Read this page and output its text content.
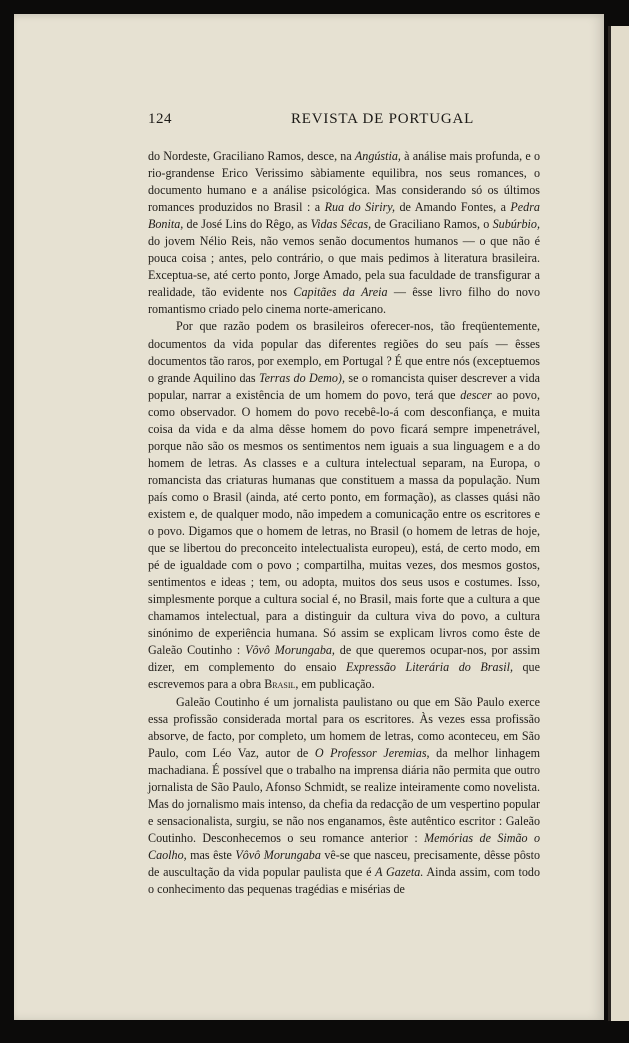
124	REVISTA DE PORTUGAL

do Nordeste, Graciliano Ramos, desce, na Angústia, à análise mais profunda, e o rio-grandense Erico Verissimo sàbiamente equilibra, nos seus romances, o documento humano e a análise psicológica. Mas considerando só os últimos romances produzidos no Brasil : a Rua do Siriry, de Amando Fontes, a Pedra Bonita, de José Lins do Rêgo, as Vidas Sêcas, de Graciliano Ramos, o Subúrbio, do jovem Nélio Reis, não vemos senão documentos humanos — o que não é pouca coisa ; antes, pelo contrário, o que mais pedimos à literatura brasileira. Exceptua-se, até certo ponto, Jorge Amado, pela sua faculdade de transfigurar a realidade, tão evidente nos Capitães da Areia — êsse livro filho do novo romantismo criado pelo cinema norte-americano.

Por que razão podem os brasileiros oferecer-nos, tão freqüentemente, documentos da vida popular das diferentes regiões do seu país — êsses documentos tão raros, por exemplo, em Portugal ? É que entre nós (exceptuemos o grande Aquilino das Terras do Demo), se o romancista quiser descrever a vida popular, narrar a existência de um homem do povo, terá que descer ao povo, como observador. O homem do povo recebê-lo-á com desconfiança, e muita coisa da vida e da alma dêsse homem do povo ficará sempre impenetrável, porque não são os mesmos os sentimentos nem iguais a sua linguagem e a do homem de letras. As classes e a cultura intelectual separam, na Europa, o romancista das criaturas humanas que constituem a massa da população. Num país como o Brasil (ainda, até certo ponto, em formação), as classes quási não existem e, de qualquer modo, não impedem a comunicação entre os escritores e o povo. Digamos que o homem de letras, no Brasil (o homem de letras de hoje, que se libertou do preconceito intelectualista europeu), está, de certo modo, em pé de igualdade com o povo ; compartilha, muitas vezes, dos mesmos gostos, sentimentos e ideas ; tem, ou adopta, muitos dos seus usos e costumes. Isso, simplesmente porque a cultura social é, no Brasil, mais forte que a cultura a que chamamos intelectual, para a distinguir da cultura viva do povo, a cultura sinónimo de experiência humana. Só assim se explicam livros como êste de Galeão Coutinho : Vôvô Morungaba, de que queremos ocupar-nos, por assim dizer, em complemento do ensaio Expressão Literária do Brasil, que escrevemos para a obra Brasil, em publicação.

Galeão Coutinho é um jornalista paulistano ou que em São Paulo exerce essa profissão considerada mortal para os escritores. Às vezes essa profissão absorve, de facto, por completo, um homem de letras, como aconteceu, em São Paulo, com Léo Vaz, autor de O Professor Jeremias, da melhor linhagem machadiana. É possível que o trabalho na imprensa diária não permita que outro jornalista de São Paulo, Afonso Schmidt, se realize inteiramente como novelista. Mas do jornalismo mais intenso, da chefia da redacção de um vespertino popular e sensacionalista, surgiu, se não nos enganamos, êste autêntico escritor : Galeão Coutinho. Desconhecemos o seu romance anterior : Memórias de Simão o Caolho, mas êste Vôvô Morungaba vê-se que nasceu, precisamente, dêsse pôsto de auscultação da vida popular paulista que é A Gazeta. Ainda assim, com todo o conhecimento das pequenas tragédias e misérias de
